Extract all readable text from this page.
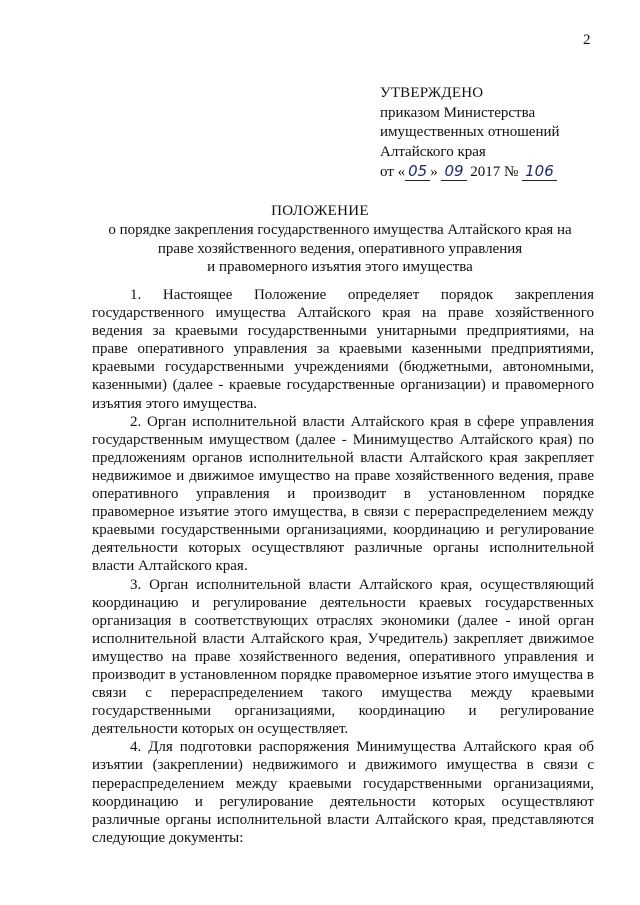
2
УТВЕРЖДЕНО
приказом Министерства
имущественных отношений
Алтайского края
от « 05 » 09 2017 № 106
ПОЛОЖЕНИЕ
о порядке закрепления государственного имущества Алтайского края на
праве хозяйственного ведения, оперативного управления
и правомерного изъятия этого имущества

1. Настоящее Положение определяет порядок закрепления государственного имущества Алтайского края на праве хозяйственного ведения за краевыми государственными унитарными предприятиями, на праве оперативного управления за краевыми казенными предприятиями, краевыми государственными учреждениями (бюджетными, автономными, казенными) (далее - краевые государственные организации) и правомерного изъятия этого имущества.

2. Орган исполнительной власти Алтайского края в сфере управления государственным имуществом (далее - Минимущество Алтайского края) по предложениям органов исполнительной власти Алтайского края закрепляет недвижимое и движимое имущество на праве хозяйственного ведения, праве оперативного управления и производит в установленном порядке правомерное изъятие этого имущества, в связи с перераспределением между краевыми государственными организациями, координацию и регулирование деятельности которых осуществляют различные органы исполнительной власти Алтайского края.

3. Орган исполнительной власти Алтайского края, осуществляющий координацию и регулирование деятельности краевых государственных организация в соответствующих отраслях экономики (далее - иной орган исполнительной власти Алтайского края, Учредитель) закрепляет движимое имущество на праве хозяйственного ведения, оперативного управления и производит в установленном порядке правомерное изъятие этого имущества в связи с перераспределением такого имущества между краевыми государственными организациями, координацию и регулирование деятельности которых он осуществляет.

4. Для подготовки распоряжения Минимущества Алтайского края об изъятии (закреплении) недвижимого и движимого имущества в связи с перераспределением между краевыми государственными организациями, координацию и регулирование деятельности которых осуществляют различные органы исполнительной власти Алтайского края, представляются следующие документы:
